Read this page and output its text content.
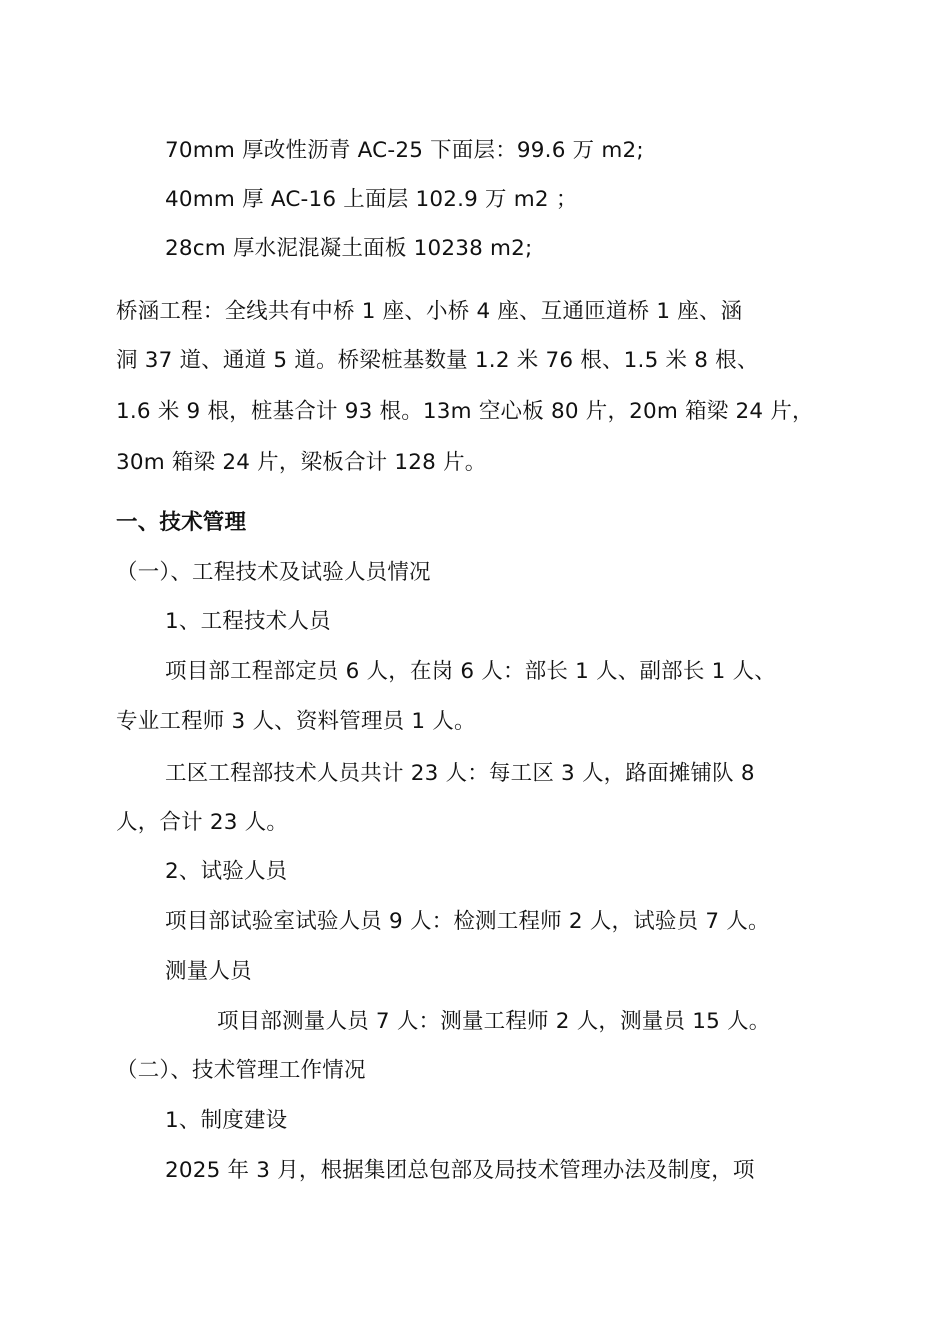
70mm 厚改性沥青 AC-25 下面层：99.6 万 m2;
40mm 厚 AC-16 上面层 102.9 万 m2 ；
28cm 厚水泥混凝土面板 10238 m2;
桥涵工程：全线共有中桥 1 座、小桥 4 座、互通匝道桥 1 座、涵
洞 37 道、通道 5 道。桥梁桩基数量 1.2 米 76 根、1.5 米 8 根、
1.6 米 9 根，桩基合计 93 根。13m 空心板 80 片，20m 箱梁 24 片，
30m 箱梁 24 片，梁板合计 128 片。
一、技术管理
（一）、工程技术及试验人员情况
1、工程技术人员
项目部工程部定员 6 人，在岗 6 人：部长 1 人、副部长 1 人、
专业工程师 3 人、资料管理员 1 人。
工区工程部技术人员共计 23 人：每工区 3 人，路面摊铺队 8
人，合计 23 人。
2、试验人员
项目部试验室试验人员 9 人：检测工程师 2 人，试验员 7 人。
测量人员
项目部测量人员 7 人：测量工程师 2 人，测量员 15 人。
（二）、技术管理工作情况
1、制度建设
2025 年 3 月，根据集团总包部及局技术管理办法及制度，项
